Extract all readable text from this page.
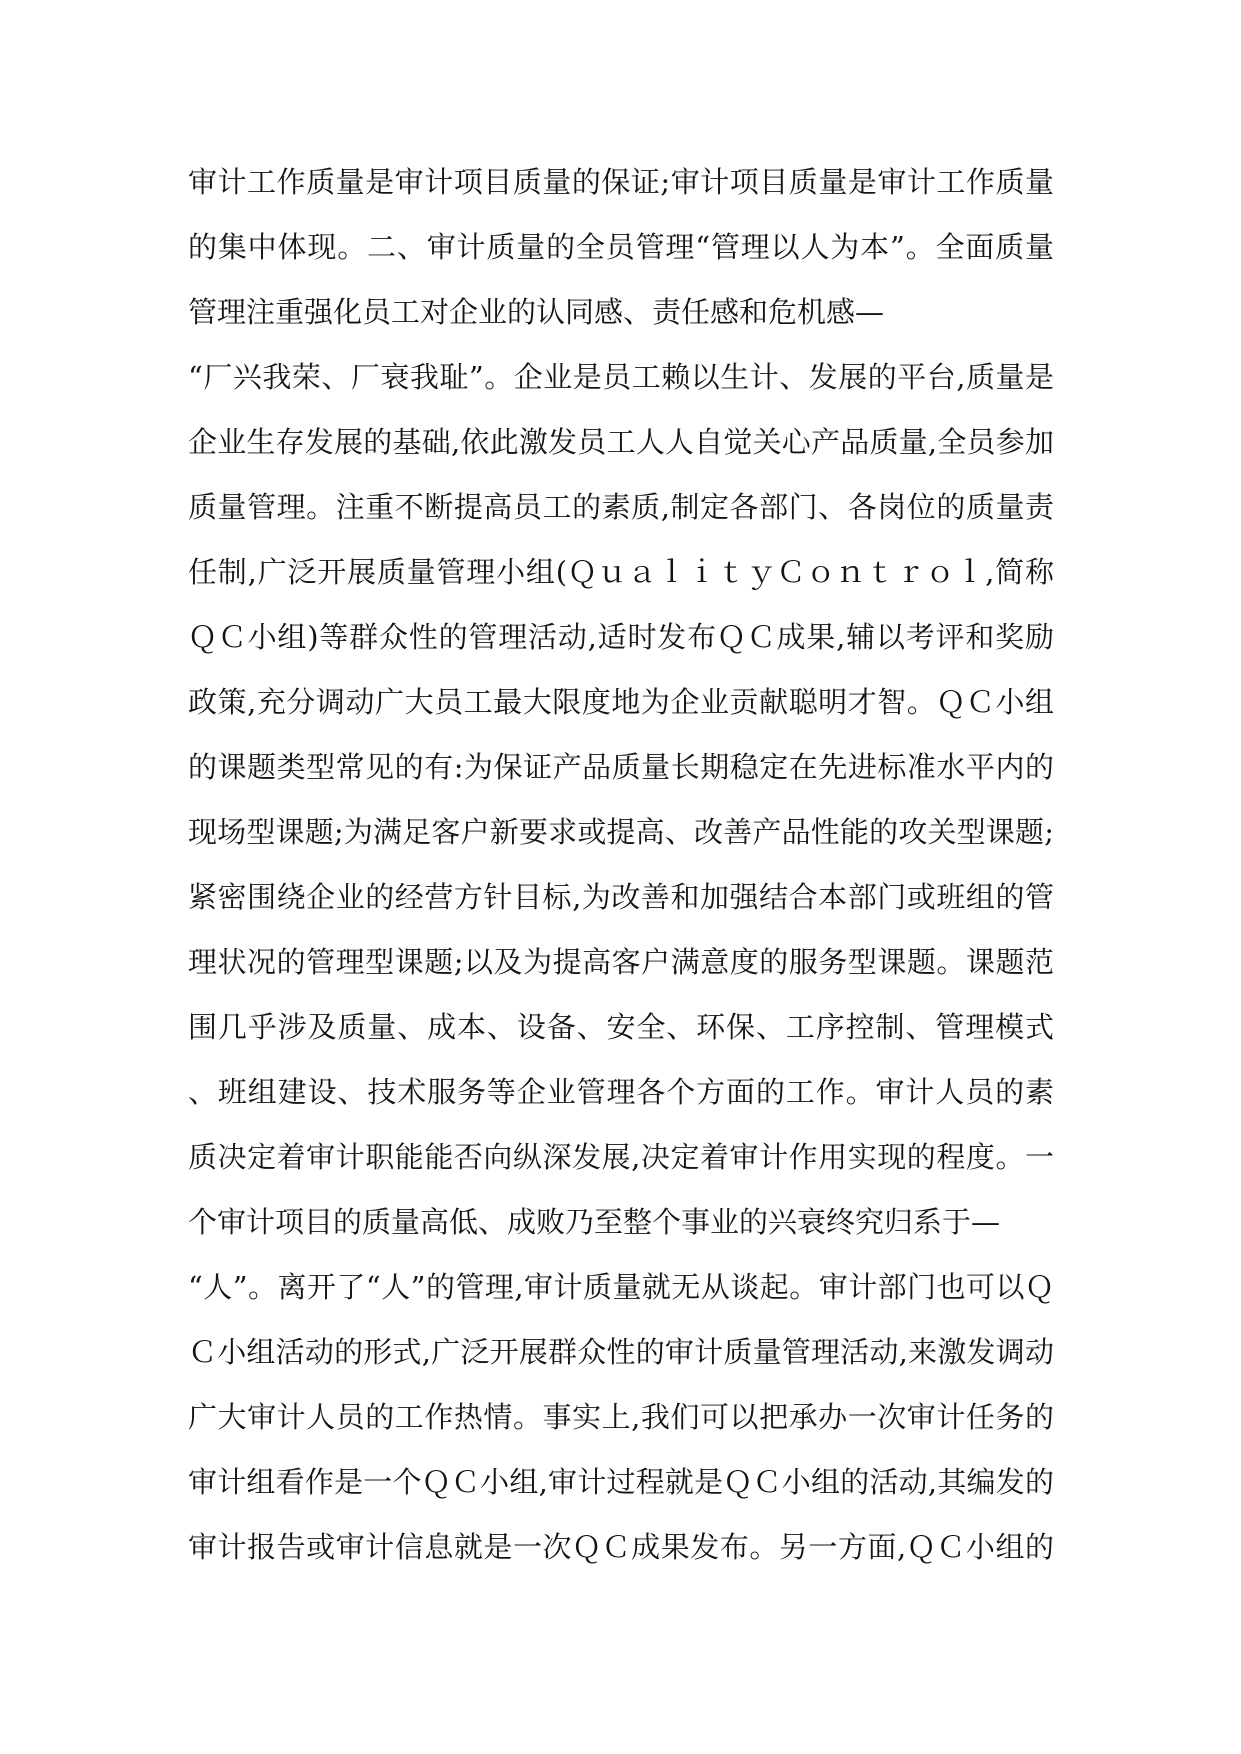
审计工作质量是审计项目质量的保证;审计项目质量是审计工作质量
的集中体现。二、审计质量的全员管理“管理以人为本”。全面质量
管理注重强化员工对企业的认同感、责任感和危机感—
“厂兴我荣、厂衰我耻”。企业是员工赖以生计、发展的平台,质量是
企业生存发展的基础,依此激发员工人人自觉关心产品质量,全员参加
质量管理。注重不断提高员工的素质,制定各部门、各岗位的质量责
任制,广泛开展质量管理小组(ＱｕａｌｉｔｙＣｏｎｔｒｏｌ,简称
ＱＣ小组)等群众性的管理活动,适时发布ＱＣ成果,辅以考评和奖励
政策,充分调动广大员工最大限度地为企业贡献聪明才智。ＱＣ小组
的课题类型常见的有:为保证产品质量长期稳定在先进标准水平内的
现场型课题;为满足客户新要求或提高、改善产品性能的攻关型课题;
紧密围绕企业的经营方针目标,为改善和加强结合本部门或班组的管
理状况的管理型课题;以及为提高客户满意度的服务型课题。课题范
围几乎涉及质量、成本、设备、安全、环保、工序控制、管理模式
、班组建设、技术服务等企业管理各个方面的工作。审计人员的素
质决定着审计职能能否向纵深发展,决定着审计作用实现的程度。一
个审计项目的质量高低、成败乃至整个事业的兴衰终究归系于—
“人”。离开了“人”的管理,审计质量就无从谈起。审计部门也可以Ｑ
Ｃ小组活动的形式,广泛开展群众性的审计质量管理活动,来激发调动
广大审计人员的工作热情。事实上,我们可以把承办一次审计任务的
审计组看作是一个ＱＣ小组,审计过程就是ＱＣ小组的活动,其编发的
审计报告或审计信息就是一次ＱＣ成果发布。另一方面,ＱＣ小组的
